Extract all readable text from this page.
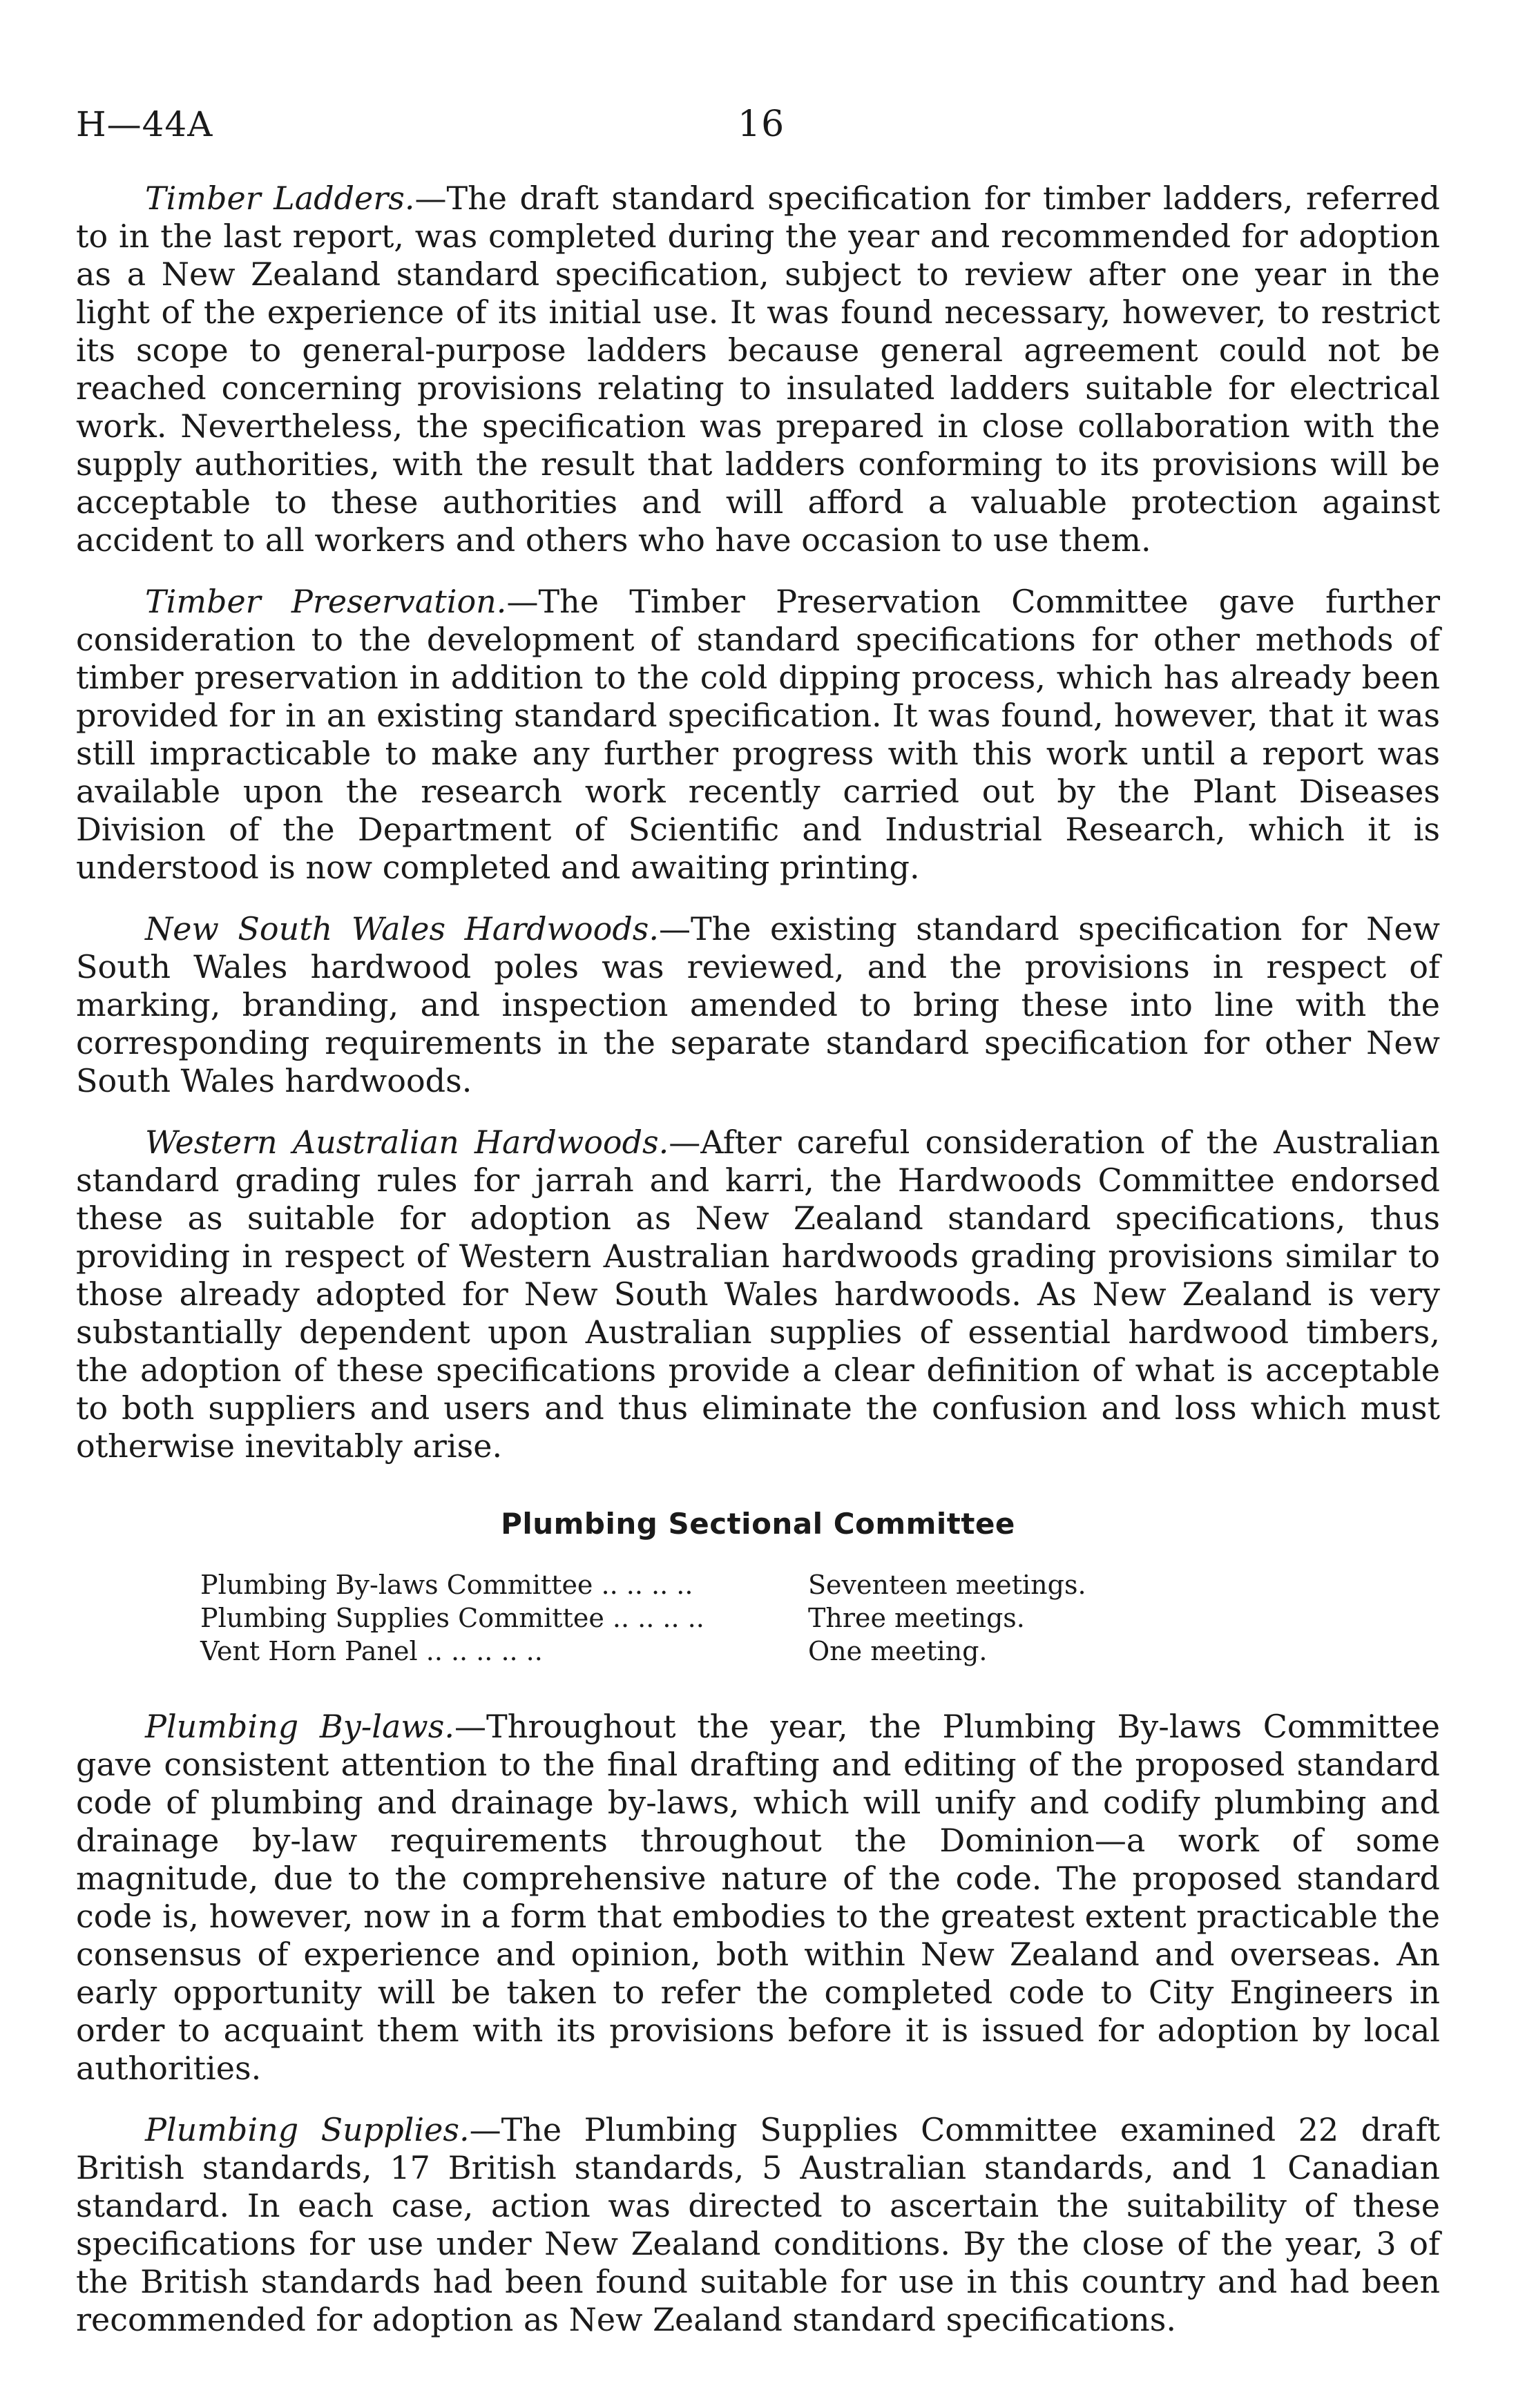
H—44A	16

Timber Ladders.—The draft standard specification for timber ladders, referred to in the last report, was completed during the year and recommended for adoption as a New Zealand standard specification, subject to review after one year in the light of the experience of its initial use. It was found necessary, however, to restrict its scope to general-purpose ladders because general agreement could not be reached concerning provisions relating to insulated ladders suitable for electrical work. Nevertheless, the specification was prepared in close collaboration with the supply authorities, with the result that ladders conforming to its provisions will be acceptable to these authorities and will afford a valuable protection against accident to all workers and others who have occasion to use them.

Timber Preservation.—The Timber Preservation Committee gave further consideration to the development of standard specifications for other methods of timber preservation in addition to the cold dipping process, which has already been provided for in an existing standard specification. It was found, however, that it was still impracticable to make any further progress with this work until a report was available upon the research work recently carried out by the Plant Diseases Division of the Department of Scientific and Industrial Research, which it is understood is now completed and awaiting printing.

New South Wales Hardwoods.—The existing standard specification for New South Wales hardwood poles was reviewed, and the provisions in respect of marking, branding, and inspection amended to bring these into line with the corresponding requirements in the separate standard specification for other New South Wales hardwoods.

Western Australian Hardwoods.—After careful consideration of the Australian standard grading rules for jarrah and karri, the Hardwoods Committee endorsed these as suitable for adoption as New Zealand standard specifications, thus providing in respect of Western Australian hardwoods grading provisions similar to those already adopted for New South Wales hardwoods. As New Zealand is very substantially dependent upon Australian supplies of essential hardwood timbers, the adoption of these specifications provide a clear definition of what is acceptable to both suppliers and users and thus eliminate the confusion and loss which must otherwise inevitably arise.

Plumbing Sectional Committee
Plumbing By-laws Committee .. .. .. ..	Seventeen meetings.
Plumbing Supplies Committee .. .. .. ..	Three meetings.
Vent Horn Panel .. .. .. .. ..	One meeting.

Plumbing By-laws.—Throughout the year, the Plumbing By-laws Committee gave consistent attention to the final drafting and editing of the proposed standard code of plumbing and drainage by-laws, which will unify and codify plumbing and drainage by-law requirements throughout the Dominion—a work of some magnitude, due to the comprehensive nature of the code. The proposed standard code is, however, now in a form that embodies to the greatest extent practicable the consensus of experience and opinion, both within New Zealand and overseas. An early opportunity will be taken to refer the completed code to City Engineers in order to acquaint them with its provisions before it is issued for adoption by local authorities.

Plumbing Supplies.—The Plumbing Supplies Committee examined 22 draft British standards, 17 British standards, 5 Australian standards, and 1 Canadian standard. In each case, action was directed to ascertain the suitability of these specifications for use under New Zealand conditions. By the close of the year, 3 of the British standards had been found suitable for use in this country and had been recommended for adoption as New Zealand standard specifications.
